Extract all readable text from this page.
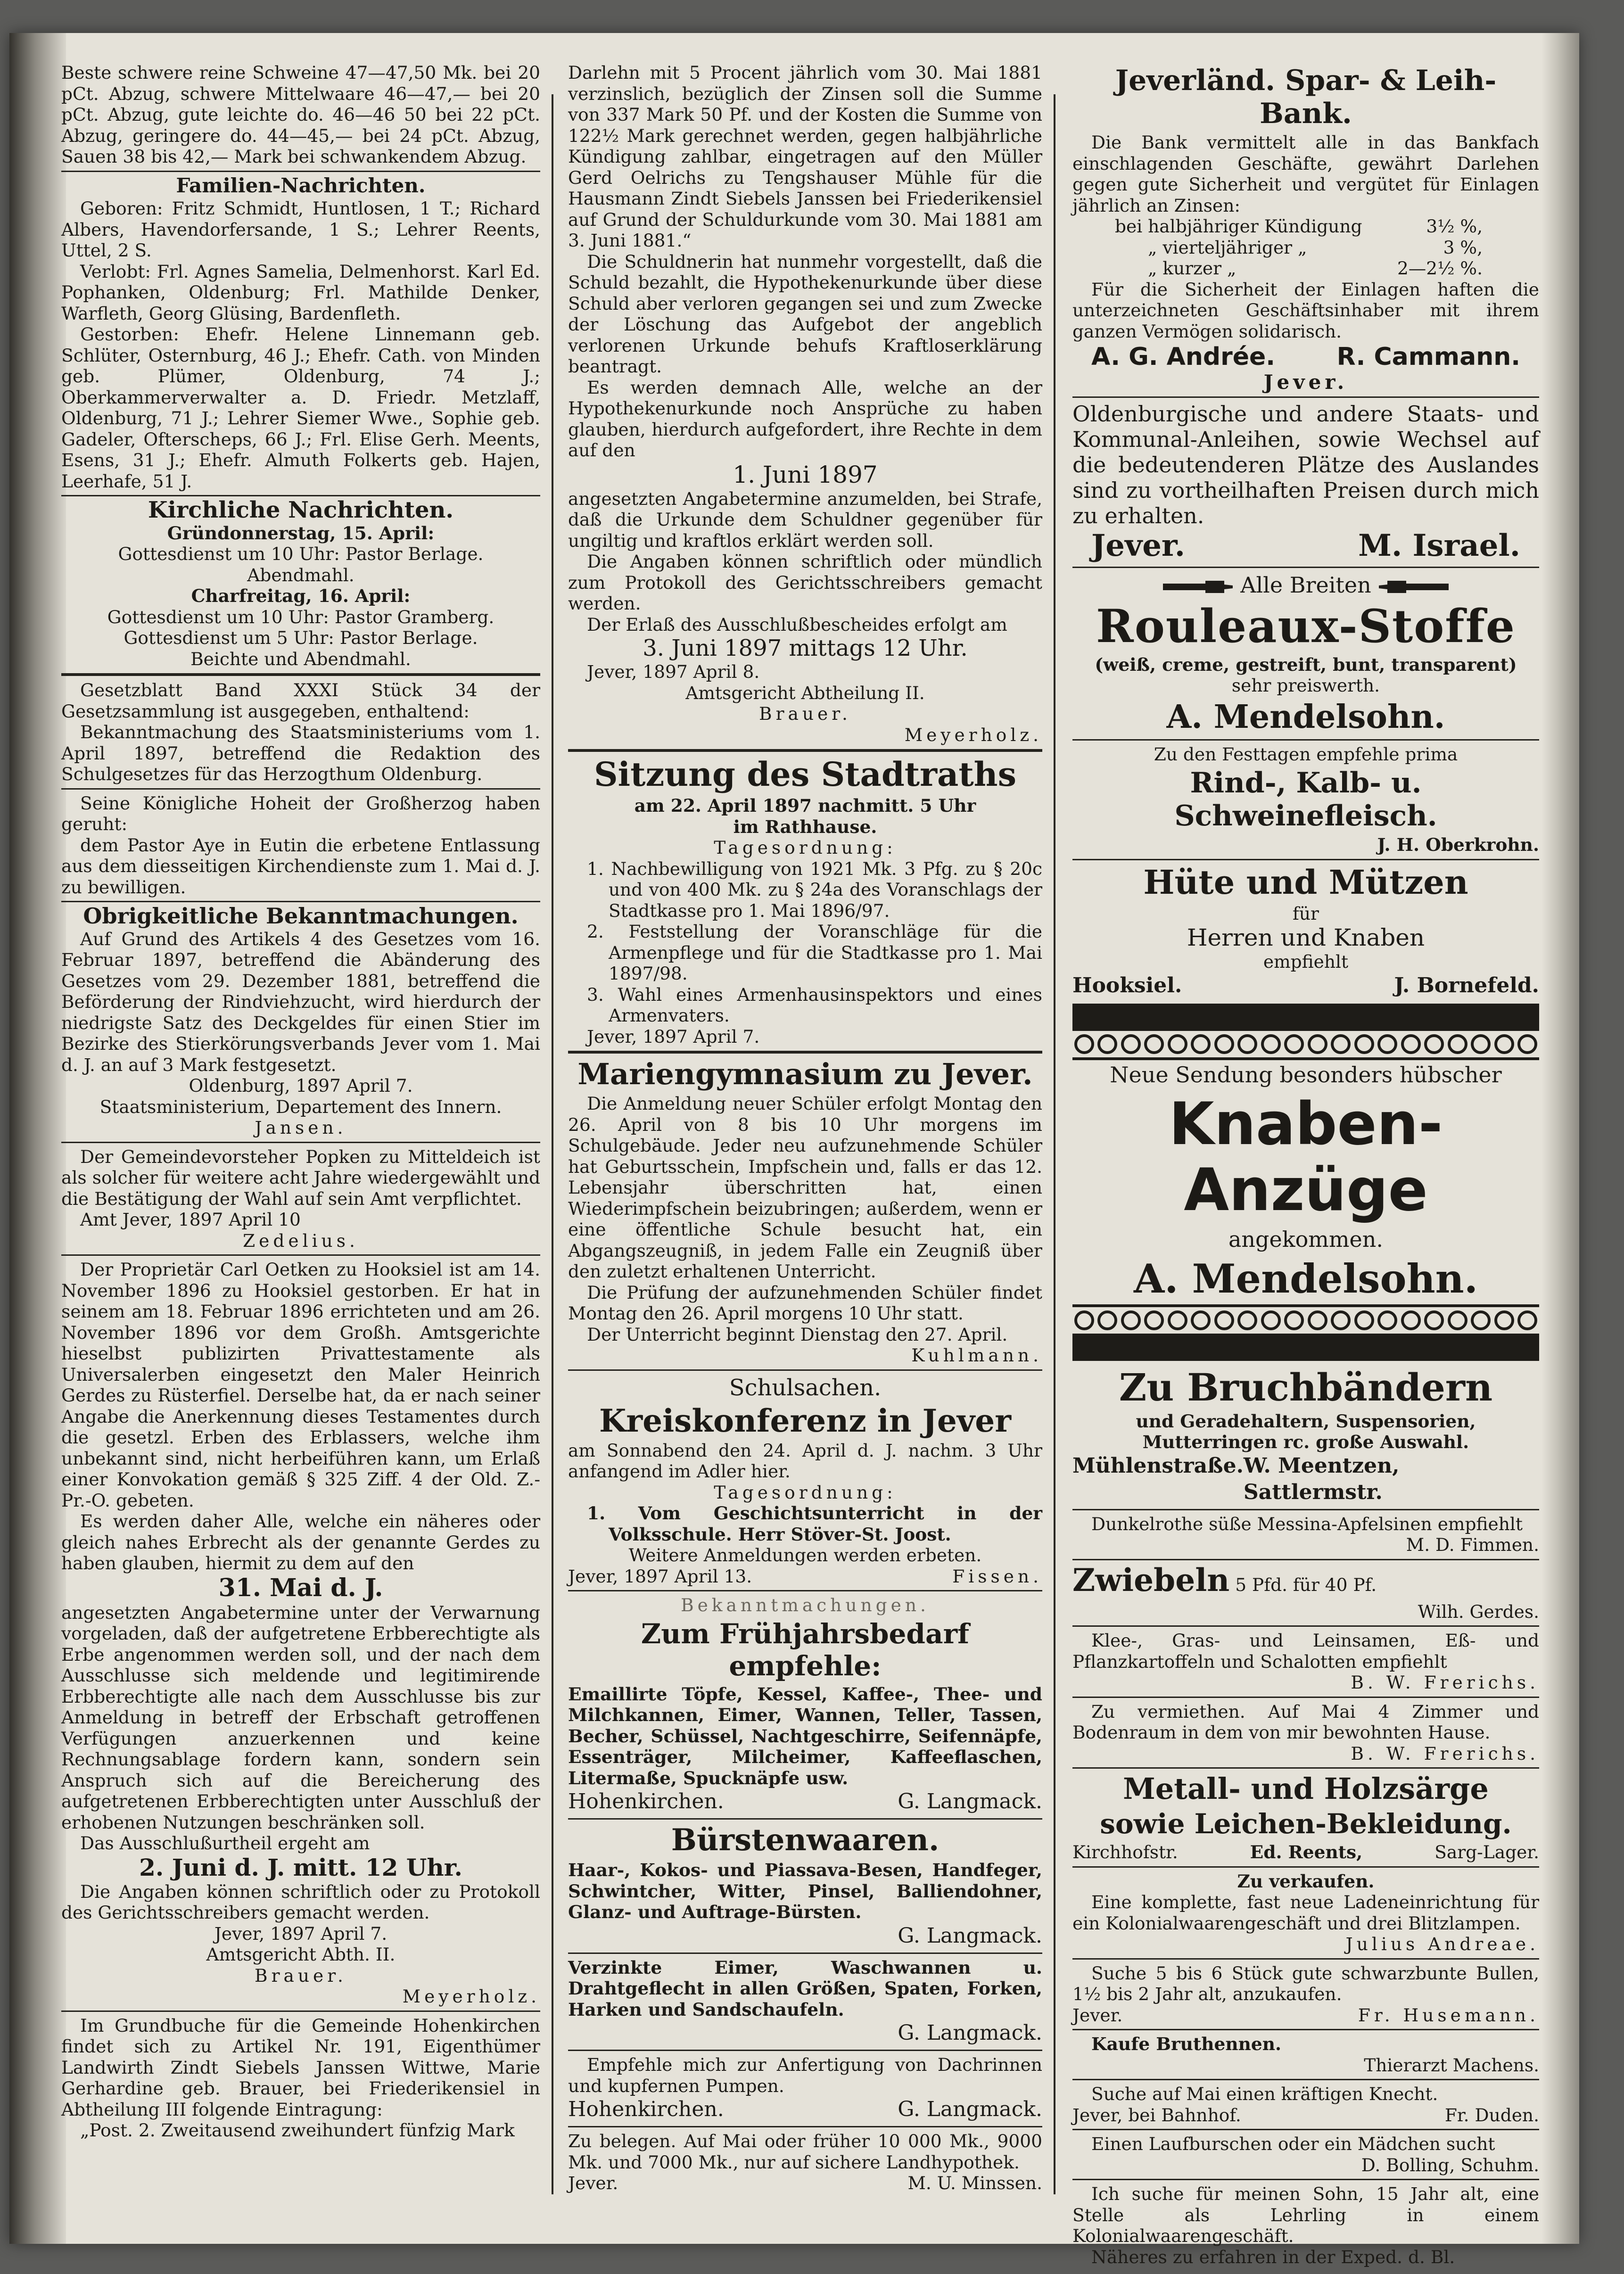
Beste schwere reine Schweine 47—47,50 Mk. bei 20 pCt. Abzug, schwere Mittelwaare 46—47,— bei 20 pCt. Abzug, gute leichte do. 46—46 50 bei 22 pCt. Abzug, geringere do. 44—45,— bei 24 pCt. Abzug, Sauen 38 bis 42,— Mark bei schwankendem Abzug.

Familien-Nachrichten.

Geboren: Fritz Schmidt, Huntlosen, 1 T.; Richard Albers, Havendorfersande, 1 S.; Lehrer Reents, Uttel, 2 S.

Verlobt: Frl. Agnes Samelia, Delmenhorst. Karl Ed. Pophanken, Oldenburg; Frl. Mathilde Denker, Warfleth, Georg Glüsing, Bardenfleth.

Gestorben: Ehefr. Helene Linnemann geb. Schlüter, Osternburg, 46 J.; Ehefr. Cath. von Minden geb. Plümer, Oldenburg, 74 J.; Oberkammerverwalter a. D. Friedr. Metzlaff, Oldenburg, 71 J.; Lehrer Siemer Wwe., Sophie geb. Gadeler, Ofterscheps, 66 J.; Frl. Elise Gerh. Meents, Esens, 31 J.; Ehefr. Almuth Folkerts geb. Hajen, Leerhafe, 51 J.

Kirchliche Nachrichten.

Gründonnerstag, 15. April:

Gottesdienst um 10 Uhr: Pastor Berlage.

Abendmahl.

Charfreitag, 16. April:

Gottesdienst um 10 Uhr: Pastor Gramberg.

Gottesdienst um 5 Uhr: Pastor Berlage.

Beichte und Abendmahl.

Gesetzblatt Band XXXI Stück 34 der Gesetzsammlung ist ausgegeben, enthaltend:

Bekanntmachung des Staatsministeriums vom 1. April 1897, betreffend die Redaktion des Schulgesetzes für das Herzogthum Oldenburg.

Seine Königliche Hoheit der Großherzog haben geruht:

dem Pastor Aye in Eutin die erbetene Entlassung aus dem diesseitigen Kirchendienste zum 1. Mai d. J. zu bewilligen.

Obrigkeitliche Bekanntmachungen.

Auf Grund des Artikels 4 des Gesetzes vom 16. Februar 1897, betreffend die Abänderung des Gesetzes vom 29. Dezember 1881, betreffend die Beförderung der Rindviehzucht, wird hierdurch der niedrigste Satz des Deckgeldes für einen Stier im Bezirke des Stierkörungsverbands Jever vom 1. Mai d. J. an auf 3 Mark festgesetzt.

Oldenburg, 1897 April 7.

Staatsministerium, Departement des Innern.

Jansen.

Der Gemeindevorsteher Popken zu Mitteldeich ist als solcher für weitere acht Jahre wiedergewählt und die Bestätigung der Wahl auf sein Amt verpflichtet.

Amt Jever, 1897 April 10

Zedelius.

Der Proprietär Carl Oetken zu Hooksiel ist am 14. November 1896 zu Hooksiel gestorben. Er hat in seinem am 18. Februar 1896 errichteten und am 26. November 1896 vor dem Großh. Amtsgerichte hieselbst publizirten Privattestamente als Universalerben eingesetzt den Maler Heinrich Gerdes zu Rüsterfiel. Derselbe hat, da er nach seiner Angabe die Anerkennung dieses Testamentes durch die gesetzl. Erben des Erblassers, welche ihm unbekannt sind, nicht herbeiführen kann, um Erlaß einer Konvokation gemäß § 325 Ziff. 4 der Old. Z.-Pr.-O. gebeten.

Es werden daher Alle, welche ein näheres oder gleich nahes Erbrecht als der genannte Gerdes zu haben glauben, hiermit zu dem auf den

31. Mai d. J.

angesetzten Angabetermine unter der Verwarnung vorgeladen, daß der aufgetretene Erbberechtigte als Erbe angenommen werden soll, und der nach dem Ausschlusse sich meldende und legitimirende Erbberechtigte alle nach dem Ausschlusse bis zur Anmeldung in betreff der Erbschaft getroffenen Verfügungen anzuerkennen und keine Rechnungsablage fordern kann, sondern sein Anspruch sich auf die Bereicherung des aufgetretenen Erbberechtigten unter Ausschluß der erhobenen Nutzungen beschränken soll.

Das Ausschlußurtheil ergeht am

2. Juni d. J. mitt. 12 Uhr.

Die Angaben können schriftlich oder zu Protokoll des Gerichtsschreibers gemacht werden.

Jever, 1897 April 7.

Amtsgericht Abth. II.

Brauer.

Meyerholz.

Im Grundbuche für die Gemeinde Hohenkirchen findet sich zu Artikel Nr. 191, Eigenthümer Landwirth Zindt Siebels Janssen Wittwe, Marie Gerhardine geb. Brauer, bei Friederikensiel in Abtheilung III folgende Eintragung:

„Post. 2. Zweitausend zweihundert fünfzig Mark

Darlehn mit 5 Procent jährlich vom 30. Mai 1881 verzinslich, bezüglich der Zinsen soll die Summe von 337 Mark 50 Pf. und der Kosten die Summe von 122½ Mark gerechnet werden, gegen halbjährliche Kündigung zahlbar, eingetragen auf den Müller Gerd Oelrichs zu Tengshauser Mühle für die Hausmann Zindt Siebels Janssen bei Friederikensiel auf Grund der Schuldurkunde vom 30. Mai 1881 am 3. Juni 1881.“

Die Schuldnerin hat nunmehr vorgestellt, daß die Schuld bezahlt, die Hypothekenurkunde über diese Schuld aber verloren gegangen sei und zum Zwecke der Löschung das Aufgebot der angeblich verlorenen Urkunde behufs Kraftloserklärung beantragt.

Es werden demnach Alle, welche an der Hypothekenurkunde noch Ansprüche zu haben glauben, hierdurch aufgefordert, ihre Rechte in dem auf den

1. Juni 1897

angesetzten Angabetermine anzumelden, bei Strafe, daß die Urkunde dem Schuldner gegenüber für ungiltig und kraftlos erklärt werden soll.

Die Angaben können schriftlich oder mündlich zum Protokoll des Gerichtsschreibers gemacht werden.

Der Erlaß des Ausschlußbescheides erfolgt am

3. Juni 1897 mittags 12 Uhr.

Jever, 1897 April 8.

Amtsgericht Abtheilung II.

Brauer.

Meyerholz.

Sitzung des Stadtraths

am 22. April 1897 nachmitt. 5 Uhr

im Rathhause.

Tagesordnung:

1. Nachbewilligung von 1921 Mk. 3 Pfg. zu § 20c und von 400 Mk. zu § 24a des Voranschlags der Stadtkasse pro 1. Mai 1896/97.

2. Feststellung der Voranschläge für die Armenpflege und für die Stadtkasse pro 1. Mai 1897/98.

3. Wahl eines Armenhausinspektors und eines Armenvaters.

Jever, 1897 April 7.

Mariengymnasium zu Jever.

Die Anmeldung neuer Schüler erfolgt Montag den 26. April von 8 bis 10 Uhr morgens im Schulgebäude. Jeder neu aufzunehmende Schüler hat Geburtsschein, Impfschein und, falls er das 12. Lebensjahr überschritten hat, einen Wiederimpfschein beizubringen; außerdem, wenn er eine öffentliche Schule besucht hat, ein Abgangszeugniß, in jedem Falle ein Zeugniß über den zuletzt erhaltenen Unterricht.

Die Prüfung der aufzunehmenden Schüler findet Montag den 26. April morgens 10 Uhr statt.

Der Unterricht beginnt Dienstag den 27. April.

Kuhlmann.

Schulsachen.

Kreiskonferenz in Jever

am Sonnabend den 24. April d. J. nachm. 3 Uhr anfangend im Adler hier.

Tagesordnung:

1. Vom Geschichtsunterricht in der Volksschule. Herr Stöver-St. Joost.

Weitere Anmeldungen werden erbeten.

Jever, 1897 April 13.	Fissen.

Bekanntmachungen.

Zum Frühjahrsbedarf empfehle:

Emaillirte Töpfe, Kessel, Kaffee-, Thee- und Milchkannen, Eimer, Wannen, Teller, Tassen, Becher, Schüssel, Nachtgeschirre, Seifennäpfe, Essenträger, Milcheimer, Kaffeeflaschen, Litermaße, Spucknäpfe usw.

Hohenkirchen.	G. Langmack.

Bürstenwaaren.

Haar-, Kokos- und Piassava-Besen, Handfeger, Schwintcher, Witter, Pinsel, Balliendohner, Glanz- und Auftrage-Bürsten.

G. Langmack.

Verzinkte Eimer, Waschwannen u. Drahtgeflecht in allen Größen, Spaten, Forken, Harken und Sandschaufeln.

G. Langmack.

Empfehle mich zur Anfertigung von Dachrinnen und kupfernen Pumpen.

Hohenkirchen.	G. Langmack.

Zu belegen. Auf Mai oder früher 10 000 Mk., 9000 Mk. und 7000 Mk., nur auf sichere Landhypothek.

Jever.	M. U. Minssen.

Jeverländ. Spar- & Leih-Bank.

Die Bank vermittelt alle in das Bankfach einschlagenden Geschäfte, gewährt Darlehen gegen gute Sicherheit und vergütet für Einlagen jährlich an Zinsen:

bei halbjähriger Kündigung	3½ %,
„ vierteljähriger „	3 %,
„ kurzer „	2—2½ %.

Für die Sicherheit der Einlagen haften die unterzeichneten Geschäftsinhaber mit ihrem ganzen Vermögen solidarisch.

A. G. Andrée.	R. Cammann.

Jever.

Oldenburgische und andere Staats- und Kommunal-Anleihen, sowie Wechsel auf die bedeutenderen Plätze des Auslandes sind zu vortheilhaften Preisen durch mich zu erhalten.

Jever.	M. Israel.

Alle Breiten

Rouleaux-Stoffe

(weiß, creme, gestreift, bunt, transparent)

sehr preiswerth.

A. Mendelsohn.

Zu den Festtagen empfehle prima

Rind-, Kalb- u. Schweinefleisch.

J. H. Oberkrohn.

Hüte und Mützen

für

Herren und Knaben

empfiehlt

Hooksiel.	J. Bornefeld.

Neue Sendung besonders hübscher

Knaben-Anzüge

angekommen.

A. Mendelsohn.

Zu Bruchbändern

und Geradehaltern, Suspensorien, Mutterringen rc. große Auswahl.

Mühlenstraße. W. Meentzen, Sattlermstr.

Dunkelrothe süße Messina-Apfelsinen empfiehlt

M. D. Fimmen.

Zwiebeln 5 Pfd. für 40 Pf.

Wilh. Gerdes.

Klee-, Gras- und Leinsamen, Eß- und Pflanzkartoffeln und Schalotten empfiehlt

B. W. Frerichs.

Zu vermiethen. Auf Mai 4 Zimmer und Bodenraum in dem von mir bewohnten Hause.

B. W. Frerichs.

Metall- und Holzsärge

sowie Leichen-Bekleidung.

Kirchhofstr.	Ed. Reents,	Sarg-Lager.

Zu verkaufen.

Eine komplette, fast neue Ladeneinrichtung für ein Kolonialwaarengeschäft und drei Blitzlampen.

Julius Andreae.

Suche 5 bis 6 Stück gute schwarzbunte Bullen, 1½ bis 2 Jahr alt, anzukaufen.

Jever.	Fr. Husemann.

Kaufe Bruthennen.

Thierarzt Machens.

Suche auf Mai einen kräftigen Knecht.

Jever, bei Bahnhof.	Fr. Duden.

Einen Laufburschen oder ein Mädchen sucht

D. Bolling, Schuhm.

Ich suche für meinen Sohn, 15 Jahr alt, eine Stelle als Lehrling in einem Kolonialwaarengeschäft.

Näheres zu erfahren in der Exped. d. Bl.
